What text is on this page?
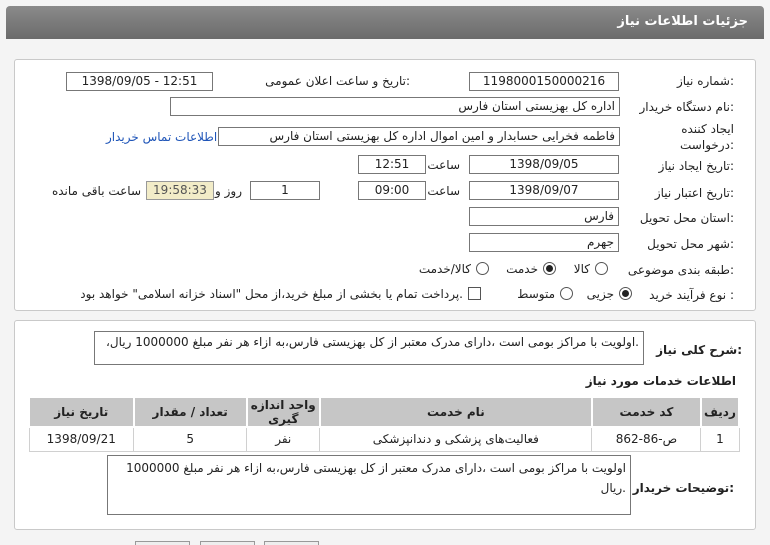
جزئیات اطلاعات نیاز
شماره نیاز:
1198000150000216
تاریخ و ساعت اعلان عمومی:
1398/09/05 - 12:51
نام دستگاه خریدار:
اداره کل بهزیستی استان فارس
ایجاد کننده
درخواست:
فاطمه فخرایی حسابدار و امین اموال اداره کل بهزیستی استان فارس
اطلاعات تماس خریدار
تاریخ ایجاد نیاز:
1398/09/05
ساعت
12:51
تاریخ اعتبار نیاز:
1398/09/07
ساعت
09:00
1
روز و
19:58:33
ساعت باقی مانده
استان محل تحویل:
فارس
شهر محل تحویل:
جهرم
طبقه بندی موضوعی:
کالا
خدمت
کالا/خدمت
نوع فرآیند خرید :
جزیی
متوسط
پرداخت تمام یا بخشی از مبلغ خرید،از محل "اسناد خزانه اسلامی" خواهد بود.
شرح کلی نیاز:
،اولویت با مراکز بومی است ،دارای مدرک معتبر از کل بهزیستی فارس،به ازاء هر نفر مبلغ 1000000 ریال.
اطلاعات خدمات مورد نیاز
تاریخ نیاز	تعداد / مقدار	واحد اندازه گیری	نام خدمت	کد خدمت	ردیف
1398/09/21	5	نفر	فعالیت‌های پزشکی و دندانپزشکی	ص-86-862	1
توضیحات خریدار:
اولویت با مراکز بومی است ،دارای مدرک معتبر از کل بهزیستی فارس،به ازاء هر نفر مبلغ 1000000 ریال.
